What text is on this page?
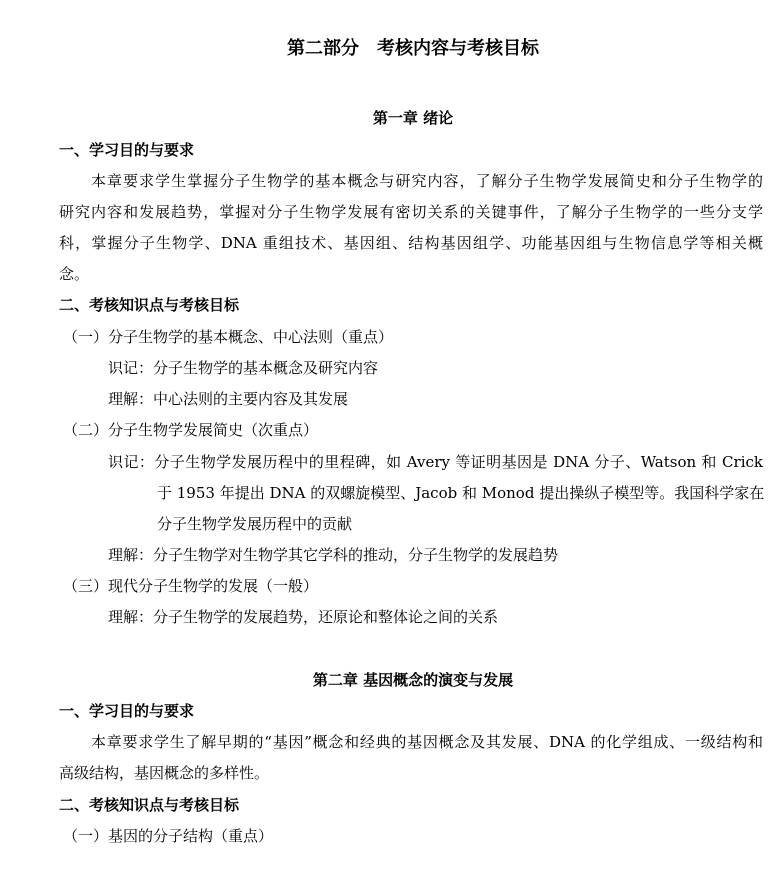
第二部分 考核内容与考核目标
第一章 绪论
一、学习目的与要求
本章要求学生掌握分子生物学的基本概念与研究内容，了解分子生物学发展简史和分子生物学的
研究内容和发展趋势，掌握对分子生物学发展有密切关系的关键事件，了解分子生物学的一些分支学
科，掌握分子生物学、DNA 重组技术、基因组、结构基因组学、功能基因组与生物信息学等相关概
念。
二、考核知识点与考核目标
（一）分子生物学的基本概念、中心法则（重点）
识记：分子生物学的基本概念及研究内容
理解：中心法则的主要内容及其发展
（二）分子生物学发展简史（次重点）
识记：分子生物学发展历程中的里程碑，如 Avery 等证明基因是 DNA 分子、Watson 和 Crick
于 1953 年提出 DNA 的双螺旋模型、Jacob 和 Monod 提出操纵子模型等。我国科学家在
分子生物学发展历程中的贡献
理解：分子生物学对生物学其它学科的推动，分子生物学的发展趋势
（三）现代分子生物学的发展（一般）
理解：分子生物学的发展趋势，还原论和整体论之间的关系
第二章 基因概念的演变与发展
一、学习目的与要求
本章要求学生了解早期的“基因”概念和经典的基因概念及其发展、DNA 的化学组成、一级结构和
高级结构，基因概念的多样性。
二、考核知识点与考核目标
（一）基因的分子结构（重点）
